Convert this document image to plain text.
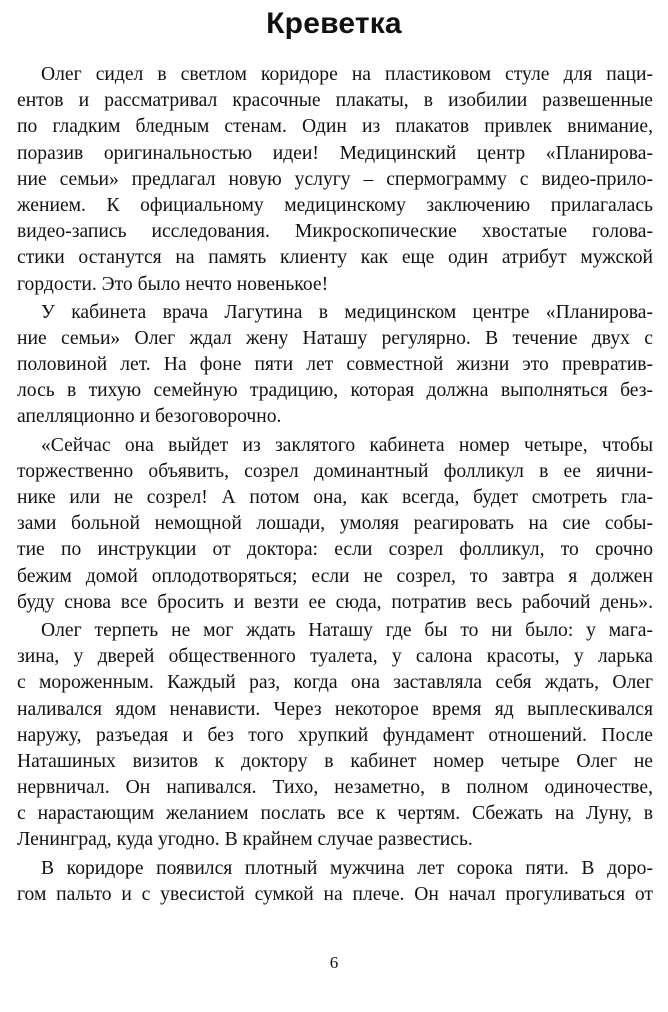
Креветка
Олег сидел в светлом коридоре на пластиковом стуле для паци-
ентов и рассматривал красочные плакаты, в изобилии развешенные
по гладким бледным стенам. Один из плакатов привлек внимание,
поразив оригинальностью идеи! Медицинский центр «Планирова-
ние семьи» предлагал новую услугу – спермограмму с видео-прило-
жением. К официальному медицинскому заключению прилагалась
видео-запись исследования. Микроскопические хвостатые голова-
стики останутся на память клиенту как еще один атрибут мужской
гордости. Это было нечто новенькое!
У кабинета врача Лагутина в медицинском центре «Планирова-
ние семьи» Олег ждал жену Наташу регулярно. В течение двух с
половиной лет. На фоне пяти лет совместной жизни это превратив-
лось в тихую семейную традицию, которая должна выполняться без-
апелляционно и безоговорочно.
«Сейчас она выйдет из заклятого кабинета номер четыре, чтобы
торжественно объявить, созрел доминантный фолликул в ее яични-
нике или не созрел! А потом она, как всегда, будет смотреть гла-
зами больной немощной лошади, умоляя реагировать на сие собы-
тие по инструкции от доктора: если созрел фолликул, то срочно
бежим домой оплодотворяться; если не созрел, то завтра я должен
буду снова все бросить и везти ее сюда, потратив весь рабочий день».
Олег терпеть не мог ждать Наташу где бы то ни было: у мага-
зина, у дверей общественного туалета, у салона красоты, у ларька
с мороженным. Каждый раз, когда она заставляла себя ждать, Олег
наливался ядом ненависти. Через некоторое время яд выплескивался
наружу, разъедая и без того хрупкий фундамент отношений. После
Наташиных визитов к доктору в кабинет номер четыре Олег не
нервничал. Он напивался. Тихо, незаметно, в полном одиночестве,
с нарастающим желанием послать все к чертям. Сбежать на Луну, в
Ленинград, куда угодно. В крайнем случае развестись.
В коридоре появился плотный мужчина лет сорока пяти. В доро-
гом пальто и с увесистой сумкой на плече. Он начал прогуливаться от
6
